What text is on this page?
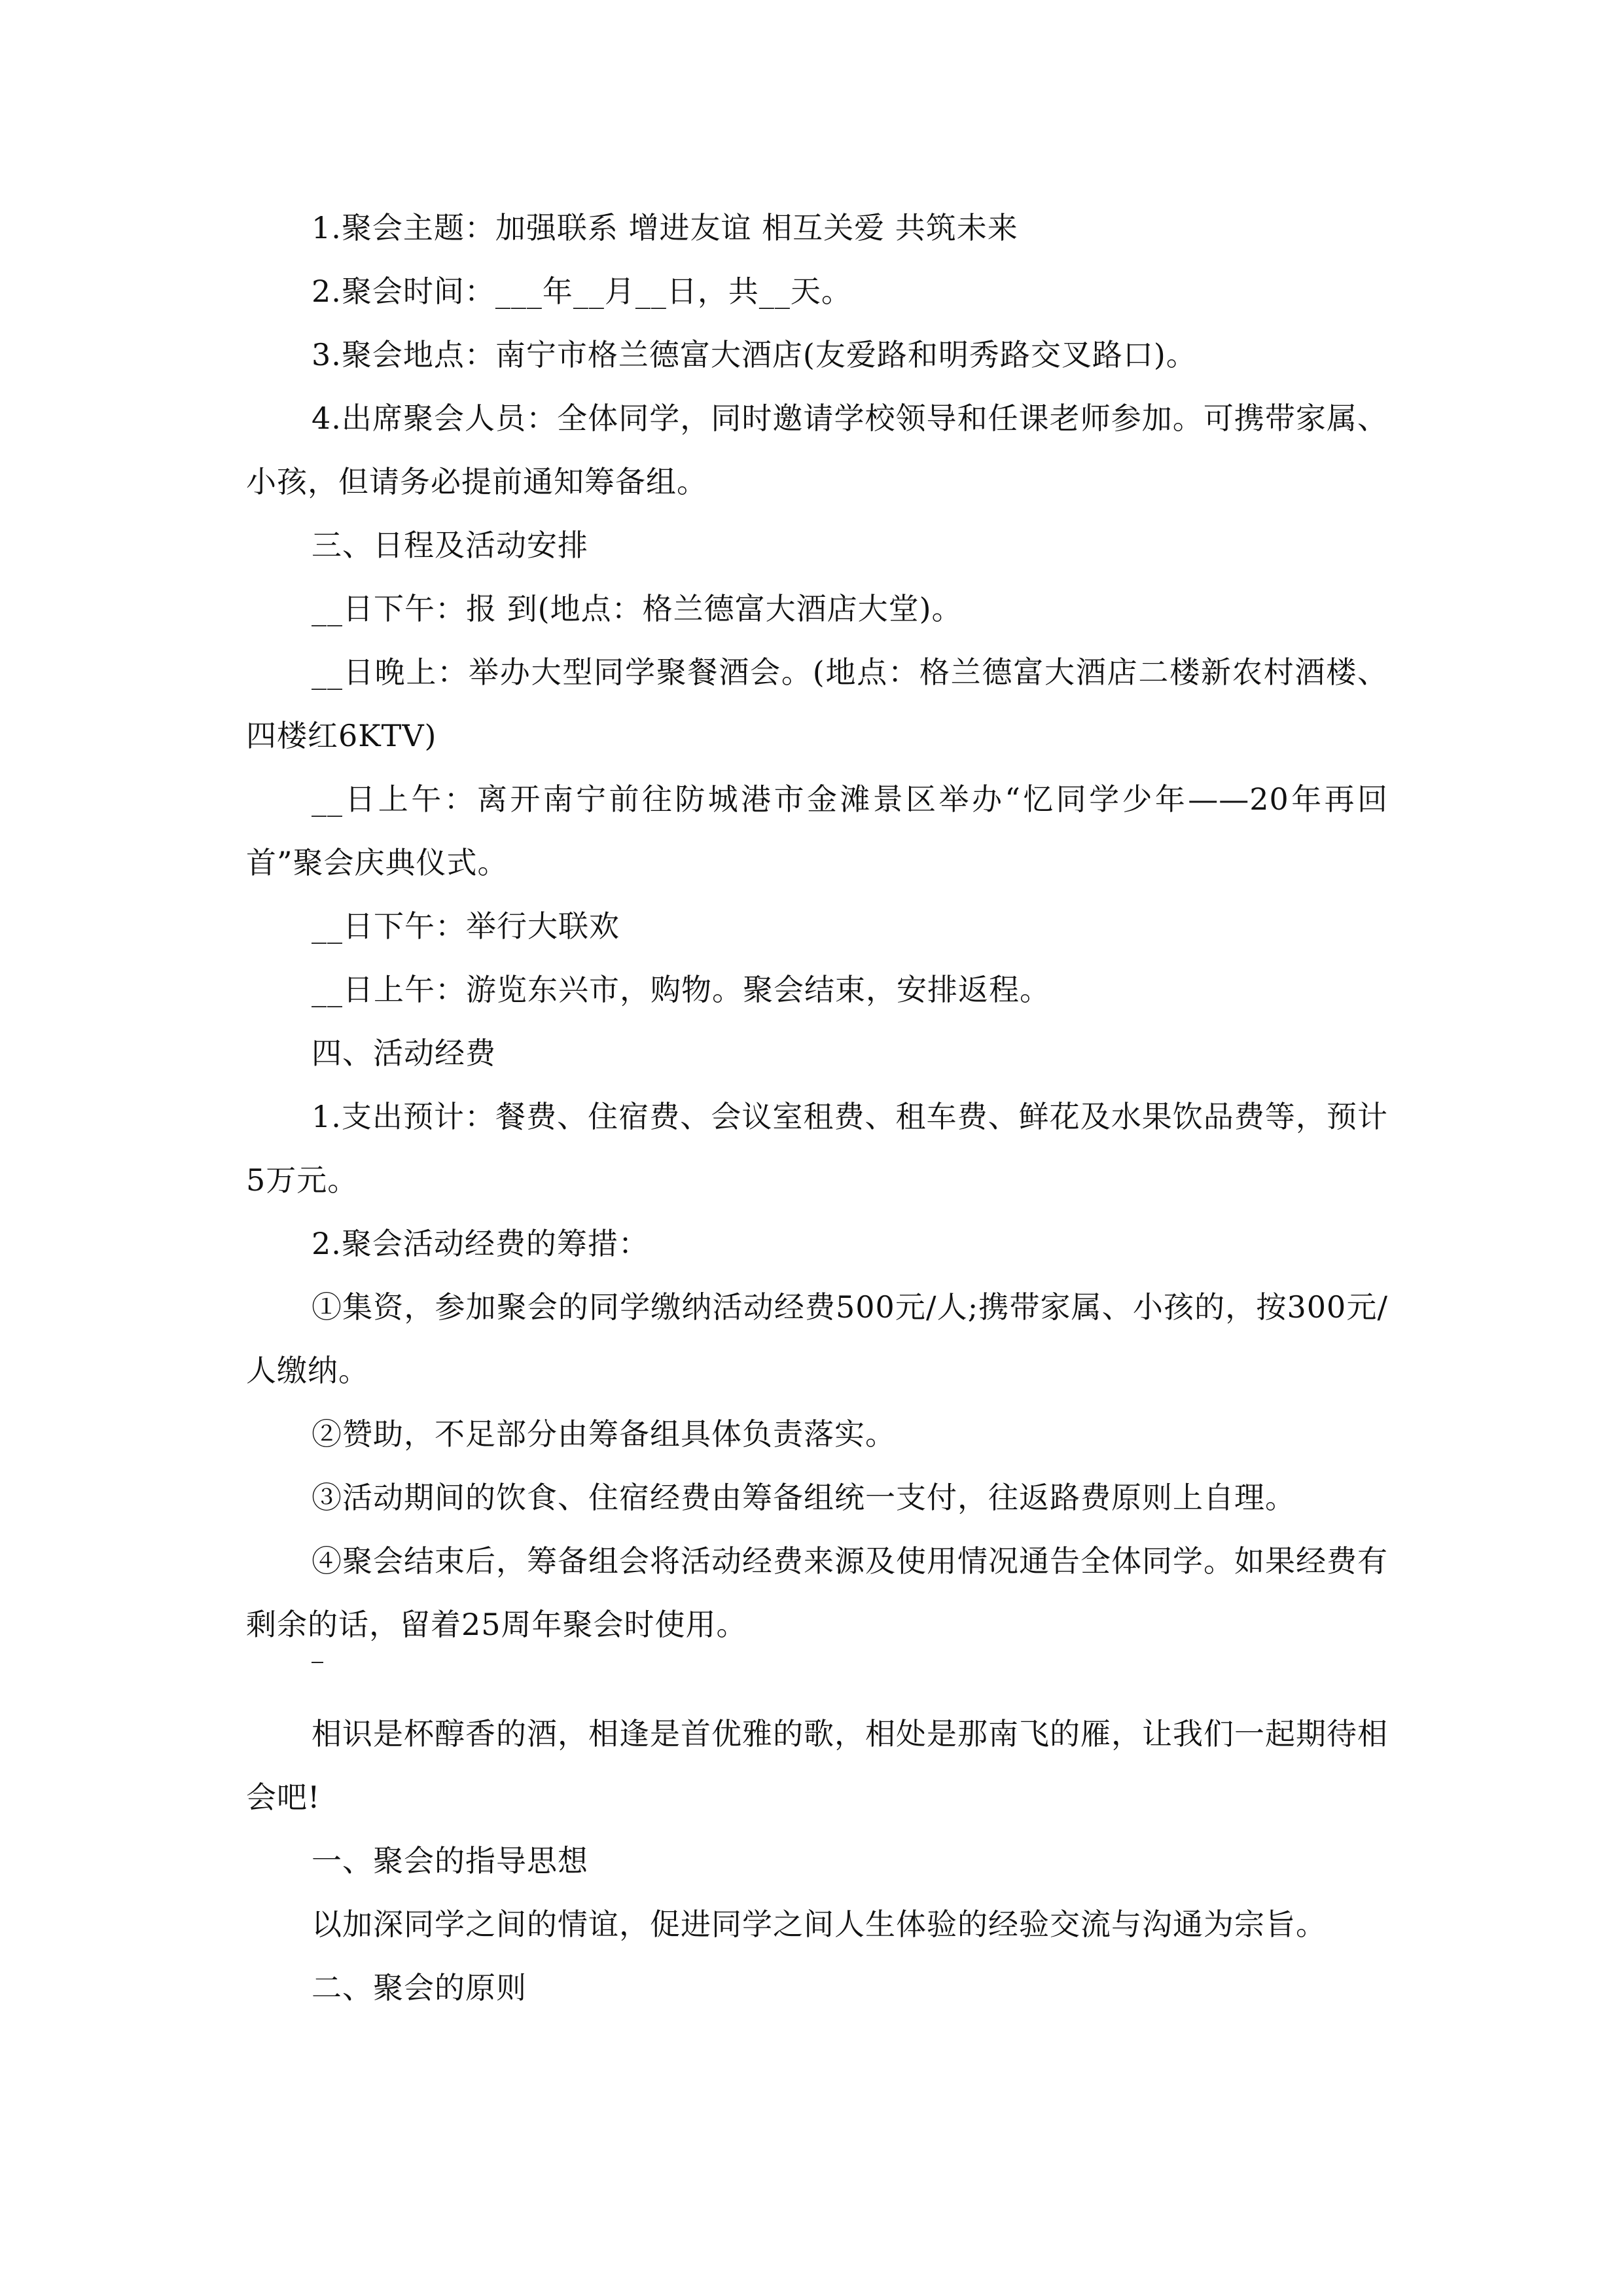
1.聚会主题：加强联系 增进友谊 相互关爱 共筑未来

2.聚会时间：___年__月__日，共__天。

3.聚会地点：南宁市格兰德富大酒店(友爱路和明秀路交叉路口)。

4.出席聚会人员：全体同学，同时邀请学校领导和任课老师参加。可携带家属、小孩，但请务必提前通知筹备组。

三、日程及活动安排

__日下午：报 到(地点：格兰德富大酒店大堂)。

__日晚上：举办大型同学聚餐酒会。(地点：格兰德富大酒店二楼新农村酒楼、四楼红6KTV)

__日上午：离开南宁前往防城港市金滩景区举办“忆同学少年——20年再回首”聚会庆典仪式。

__日下午：举行大联欢

__日上午：游览东兴市，购物。聚会结束，安排返程。

四、活动经费

1.支出预计：餐费、住宿费、会议室租费、租车费、鲜花及水果饮品费等，预计5万元。

2.聚会活动经费的筹措：

①集资，参加聚会的同学缴纳活动经费500元/人;携带家属、小孩的，按300元/人缴纳。

②赞助，不足部分由筹备组具体负责落实。

③活动期间的饮食、住宿经费由筹备组统一支付，往返路费原则上自理。

④聚会结束后，筹备组会将活动经费来源及使用情况通告全体同学。如果经费有剩余的话，留着25周年聚会时使用。

相识是杯醇香的酒，相逢是首优雅的歌，相处是那南飞的雁，让我们一起期待相会吧!

一、聚会的指导思想

以加深同学之间的情谊，促进同学之间人生体验的经验交流与沟通为宗旨。

二、聚会的原则
